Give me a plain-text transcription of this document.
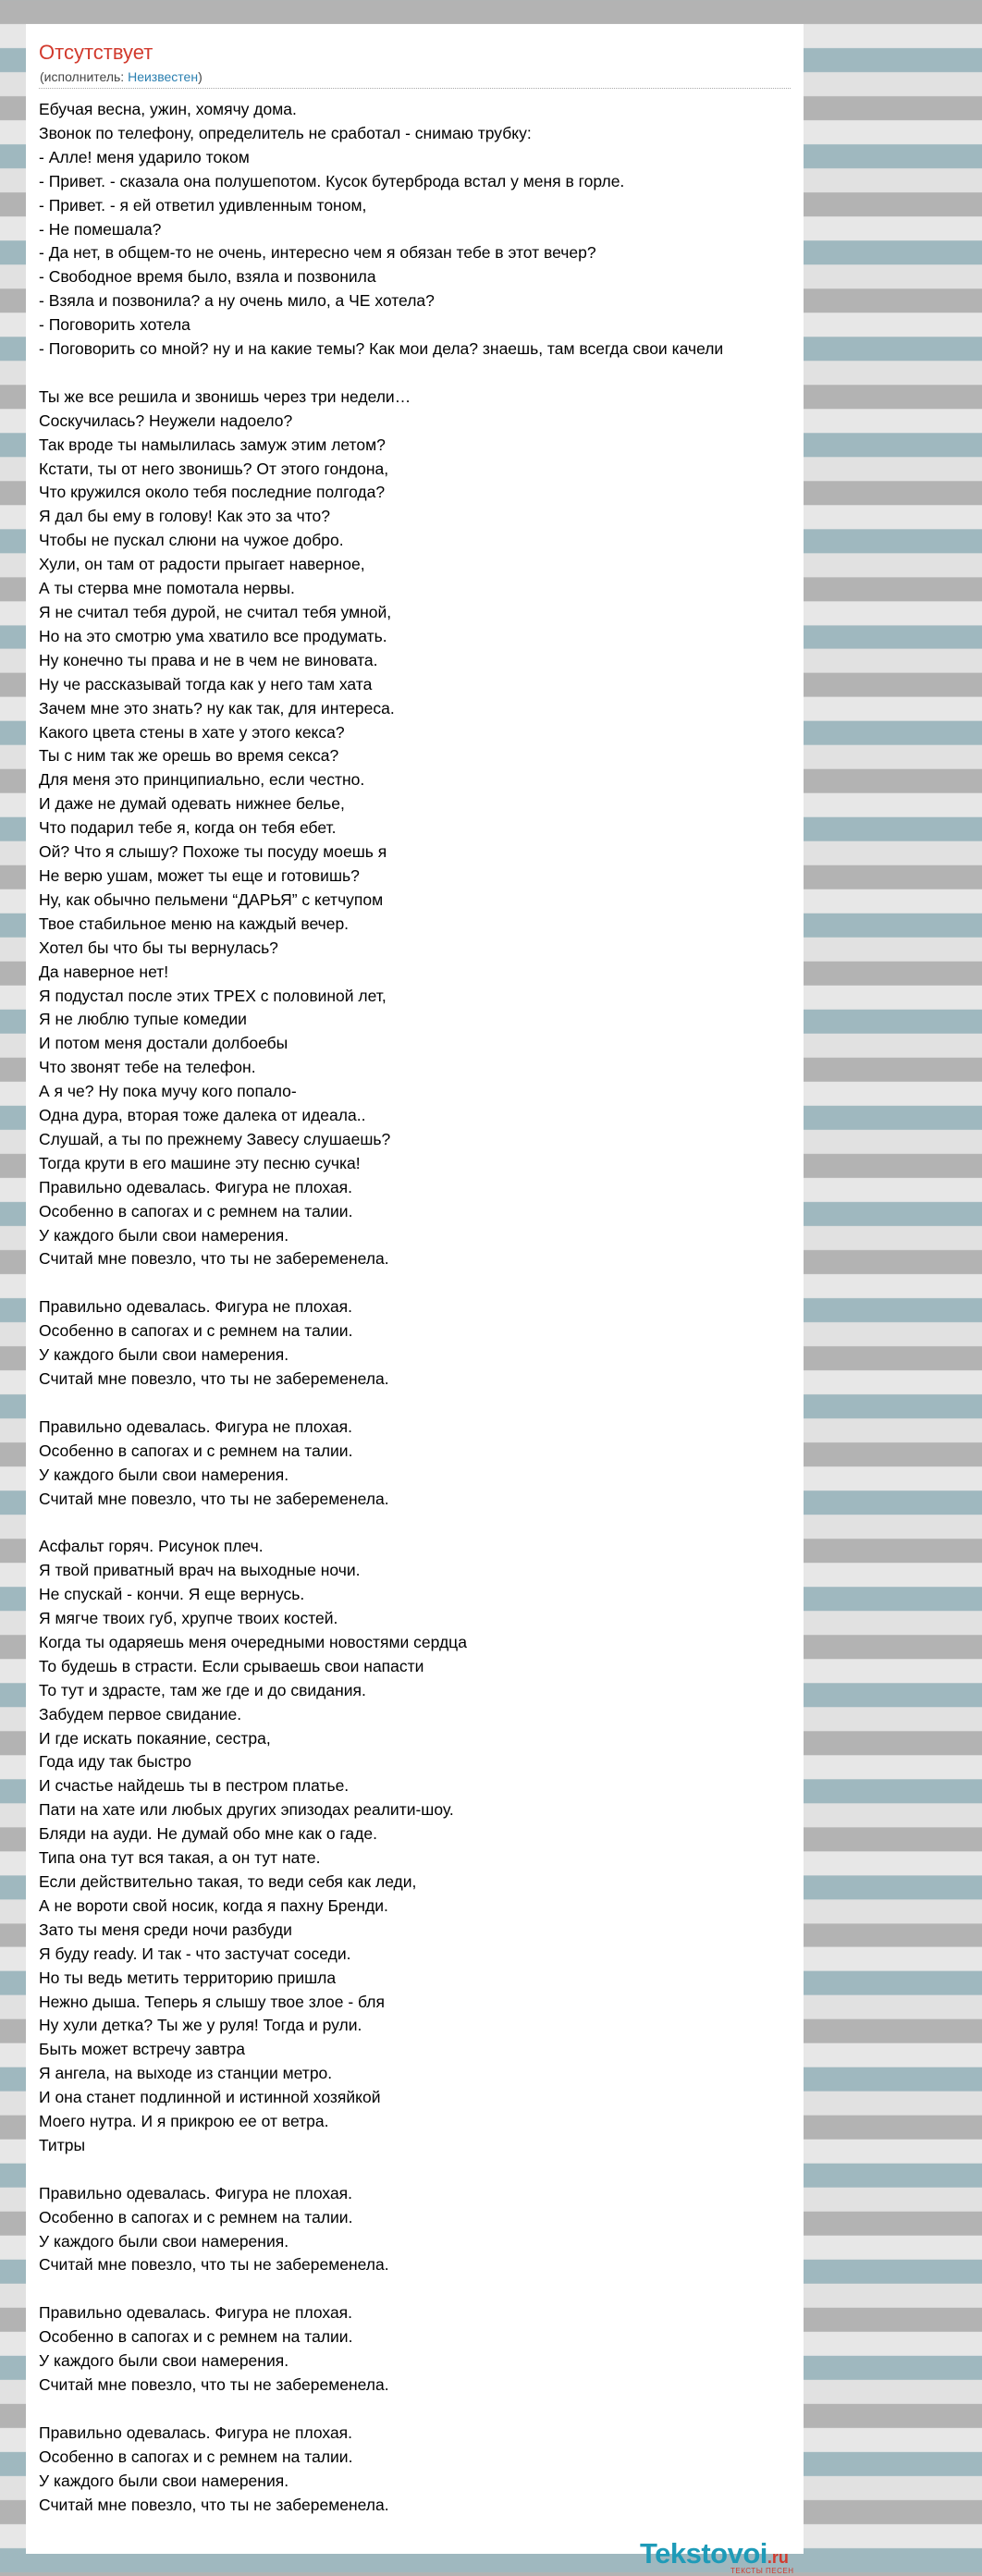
Отсутствует
(исполнитель: Неизвестен)
Ебучая весна, ужин, хомячу дома.
Звонок по телефону, определитель не сработал - снимаю трубку:
- Алле! меня ударило током
- Привет. - сказала она полушепотом. Кусок бутерброда встал у меня в горле.
- Привет. - я ей ответил удивленным тоном,
- Не помешала?
- Да нет, в общем-то не очень, интересно чем я обязан тебе в этот вечер?
- Свободное время было, взяла и позвонила
- Взяла и позвонила? а ну очень мило, а ЧЕ хотела?
- Поговорить хотела
- Поговорить со мной? ну и на какие темы? Как мои дела? знаешь, там всегда свои качели
Ты же все решила и звонишь через три недели…
Соскучилась? Неужели надоело?
Так вроде ты намылилась замуж этим летом?
Кстати, ты от него звонишь? От этого гондона,
Что кружился около тебя последние полгода?
Я дал бы ему в голову! Как это за что?
Чтобы не пускал слюни на чужое добро.
Хули, он там от радости прыгает наверное,
А ты стерва мне помотала нервы.
Я не считал тебя дурой, не считал тебя умной,
Но на это смотрю ума хватило все продумать.
Ну конечно ты права и не в чем не виновата.
Ну че рассказывай тогда как у него там хата
Зачем мне это знать? ну как так, для интереса.
Какого цвета стены в хате у этого кекса?
Ты с ним так же орешь во время секса?
Для меня это принципиально, если честно.
И даже не думай одевать нижнее белье,
Что подарил тебе я, когда он тебя ебет.
Ой? Что я слышу? Похоже ты посуду моешь я
Не верю ушам, может ты еще и готовишь?
Ну, как обычно пельмени “ДАРЬЯ” с кетчупом
Твое стабильное меню на каждый вечер.
Хотел бы что бы ты вернулась?
Да наверное нет!
Я подустал после этих ТРЕХ с половиной лет,
Я не люблю тупые комедии
И потом меня достали долбоебы
Что звонят тебе на телефон.
А я че? Ну пока мучу кого попало-
Одна дура, вторая тоже далека от идеала..
Слушай, а ты по прежнему Завесу слушаешь?
Тогда крути в его машине эту песню сучка!
Правильно одевалась. Фигура не плохая.
Особенно в сапогах и с ремнем на талии.
У каждого были свои намерения.
Считай мне повезло, что ты не забеременела.
Правильно одевалась. Фигура не плохая.
Особенно в сапогах и с ремнем на талии.
У каждого были свои намерения.
Считай мне повезло, что ты не забеременела.
Правильно одевалась. Фигура не плохая.
Особенно в сапогах и с ремнем на талии.
У каждого были свои намерения.
Считай мне повезло, что ты не забеременела.
Асфальт горяч. Рисунок плеч.
Я твой приватный врач на выходные ночи.
Не спускай - кончи. Я еще вернусь.
Я мягче твоих губ, хрупче твоих костей.
Когда ты одаряешь меня очередными новостями сердца
То будешь в страсти. Если срываешь свои напасти
То тут и здрасте, там же где и до свидания.
Забудем первое свидание.
И где искать покаяние, сестра,
Года иду так быстро
И счастье найдешь ты в пестром платье.
Пати на хате или любых других эпизодах реалити-шоу.
Бляди на ауди. Не думай обо мне как о гаде.
Типа она тут вся такая, а он тут нате.
Если действительно такая, то веди себя как леди,
А не вороти свой носик, когда я пахну Бренди.
Зато ты меня среди ночи разбуди
Я буду ready. И так - что застучат соседи.
Но ты ведь метить территорию пришла
Нежно дыша. Теперь я слышу твое злое - бля
Ну хули детка? Ты же у руля! Тогда и рули.
Быть может встречу завтра
Я ангела, на выходе из станции метро.
И она станет подлинной и истинной хозяйкой
Моего нутра. И я прикрою ее от ветра.
Титры
Правильно одевалась. Фигура не плохая.
Особенно в сапогах и с ремнем на талии.
У каждого были свои намерения.
Считай мне повезло, что ты не забеременела.
Правильно одевалась. Фигура не плохая.
Особенно в сапогах и с ремнем на талии.
У каждого были свои намерения.
Считай мне повезло, что ты не забеременела.
Правильно одевалась. Фигура не плохая.
Особенно в сапогах и с ремнем на талии.
У каждого были свои намерения.
Считай мне повезло, что ты не забеременела.
Tekstovoi.ru
ТЕКСТЫ ПЕСЕН
